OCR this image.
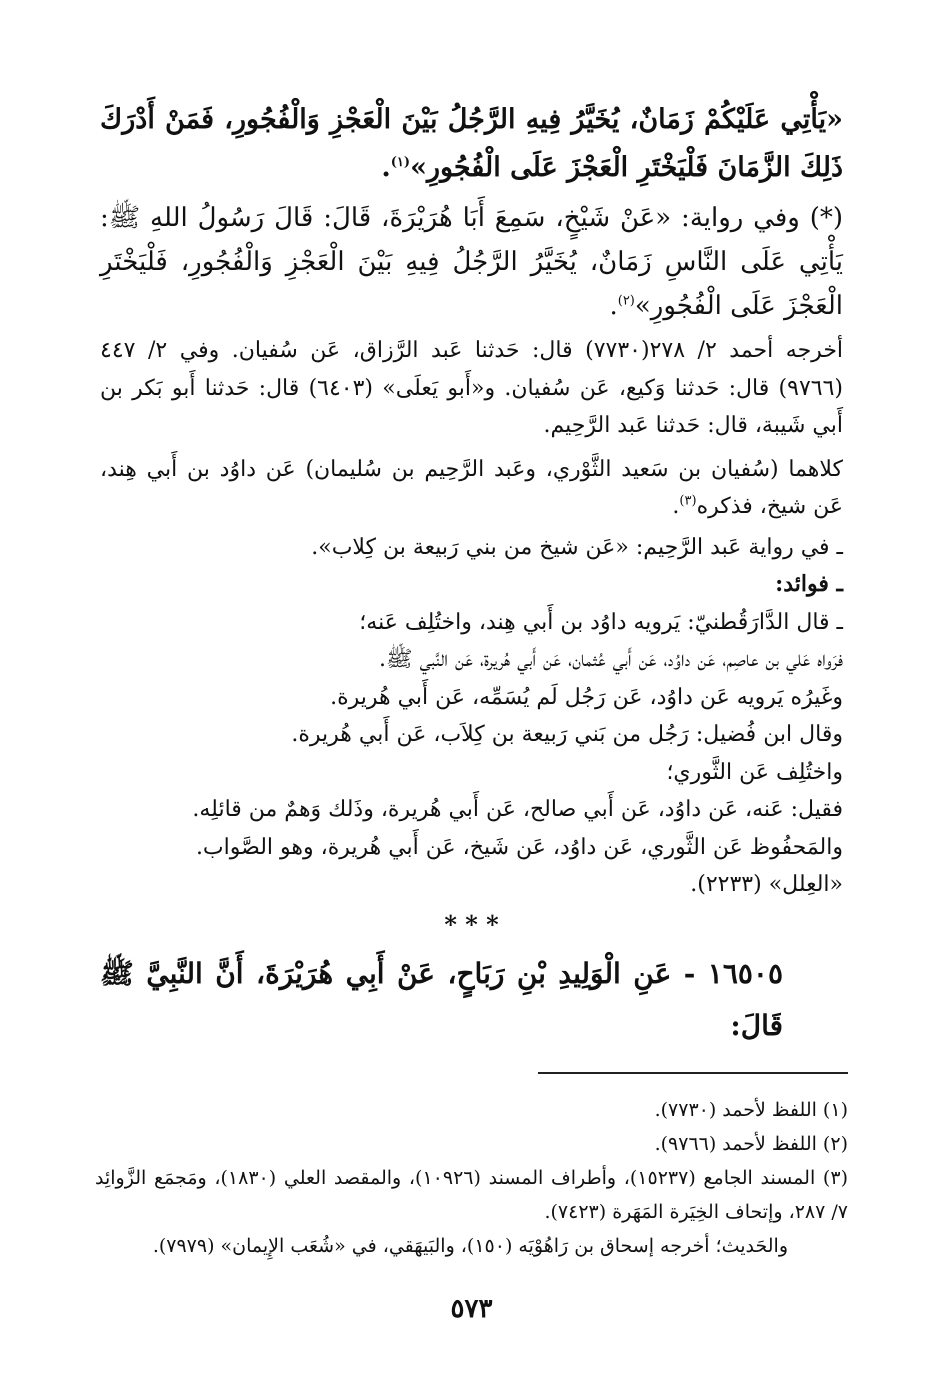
«يَأْتِي عَلَيْكُمْ زَمَانٌ، يُخَيَّرُ فِيهِ الرَّجُلُ بَيْنَ الْعَجْزِ وَالْفُجُورِ، فَمَنْ أَدْرَكَ ذَلِكَ الزَّمَانَ فَلْيَخْتَرِ الْعَجْزَ عَلَى الْفُجُورِ»$^{(١)}$.

(*) وفي رواية: «عَنْ شَيْخٍ، سَمِعَ أَبَا هُرَيْرَةَ، قَالَ: قَالَ رَسُولُ اللهِ ﷺ: يَأْتِي عَلَى النَّاسِ زَمَانٌ، يُخَيَّرُ الرَّجُلُ فِيهِ بَيْنَ الْعَجْزِ وَالْفُجُورِ، فَلْيَخْتَرِ الْعَجْزَ عَلَى الْفُجُورِ»$^{(٢)}$.

أخرجه أحمد ٢/ ٢٧٨(٧٧٣٠) قال: حَدثنا عَبد الرَّزاق، عَن سُفيان. وفي ٢/ ٤٤٧ (٩٧٦٦) قال: حَدثنا وَكيع، عَن سُفيان. و«أَبو يَعلَى» (٦٤٠٣) قال: حَدثنا أَبو بَكر بن أَبي شَيبة، قال: حَدثنا عَبد الرَّحِيم.

كلاهما (سُفيان بن سَعيد الثَّوْري، وعَبد الرَّحِيم بن سُليمان) عَن داوُد بن أَبي هِند، عَن شيخ، فذكره$^{(٣)}$.

ـ في رواية عَبد الرَّحِيم: «عَن شيخ من بني رَبيعة بن كِلاب».

ـ فوائد:

ـ قال الدَّارَقُطنيّ: يَرويه داوُد بن أَبي هِند، واختُلِف عَنه؛

فرَواه عَلي بن عاصِم، عَن داوُد، عَن أَبي عُثمان، عَن أَبي هُريرة، عَن النَّبي ﷺ.

وغَيرُه يَرويه عَن داوُد، عَن رَجُل لَم يُسَمِّه، عَن أَبي هُريرة.

وقال ابن فُضيل: رَجُل من بَني رَبيعة بن كِلاَب، عَن أَبي هُريرة.

واختُلِف عَن الثَّوري؛

فقيل: عَنه، عَن داوُد، عَن أَبي صالح، عَن أَبي هُريرة، وذَلك وَهمٌ من قائلِه.

والمَحفُوظ عَن الثَّوري، عَن داوُد، عَن شَيخ، عَن أَبي هُريرة، وهو الصَّواب.

«العِلل» (٢٢٣٣).

* * *

١٦٥٠٥ - عَنِ الْوَلِيدِ بْنِ رَبَاحٍ، عَنْ أَبِي هُرَيْرَةَ، أَنَّ النَّبِيَّ ﷺ قَالَ:

(١) اللفظ لأحمد (٧٧٣٠).

(٢) اللفظ لأحمد (٩٧٦٦).

(٣) المسند الجامع (١٥٢٣٧)، وأطراف المسند (١٠٩٢٦)، والمقصد العلي (١٨٣٠)، ومَجمَع الزَّوائِد ٧/ ٢٨٧، وإتحاف الخِيَرة المَهَرة (٧٤٢٣).

والحَديث؛ أخرجه إسحاق بن رَاهُوْيَه (١٥٠)، والبَيهَقي، في «شُعَب الإِيمان» (٧٩٧٩).

٥٧٣
